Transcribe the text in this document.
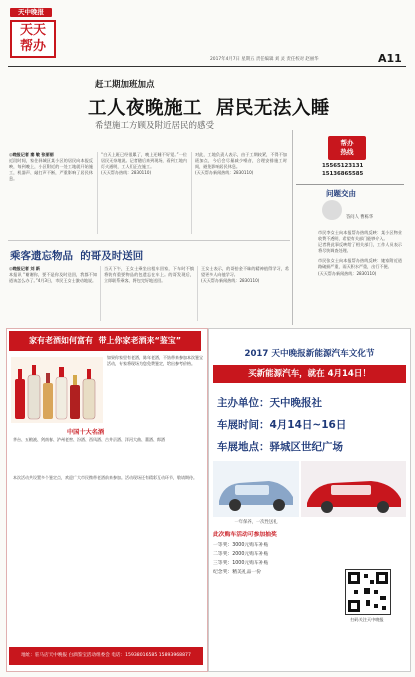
天中晚报
天天
帮办
2017年4月7日 星期五 责任编辑 刘 灵 责任校对 赵丽华	A11
赶工期加班加点
工人夜晚施工  居民无法入睡
希望施工方顾及附近居民的感受
◎晚报记者 秦 敏 张丽丽
近段时间，家住驿城区某小区的居民向本报反映，每到晚上，小区附近的一处工地就开始施工，机器声、敲打声不断，严重影响了居民休息。
“白天上班已经很累了，晚上还睡不好觉。”一位居民无奈地说。记者随后来到现场，看到工地内灯火通明，工人们正在施工。
(天天帮办热线：2830110)
对此，工地负责人表示，由于工期较紧，不得不加班加点，今后会尽量减少噪音，合理安排施工时间，避免影响居民休息。
(天天帮办新闻热线：2830110)
帮办
热线
15565123131
15136865585
问题交由
答问人 曹栋华
市民李女士向本报帮办热线反映：某小区物业收费不透明，希望有关部门能够介入。
记者将此事反映给了相关部门，工作人员表示将尽快调查处理。
市民张女士向本报帮办热线反映：她家附近道路破损严重，雨天积水严重，出行不便。
(天天帮办新闻热线：2830110)
乘客遗忘物品  的哥及时送回
◎晚报记者 刘 新
本报讯 “谢谢你，要不是你及时送回，我都不知道该怎么办了。”4月3日，市民王女士激动地说。
当天下午，王女士乘坐出租车回家，下车时不慎将装有重要物品的包遗忘在车上。的哥发现后，立即联系乘客，将包完好地送回。
王女士表示，的哥拾金不昧的精神值得学习，希望更多人向他学习。
(天天帮办新闻热线：2830110)
家有老酒如何富有  带上你家老酒来“鉴宝”
如果你家里有老酒，陈年老酒，不妨带来参加本次鉴宝活动，专家将现场为您免费鉴定，给出参考价格。
中国十大名酒
茅台、五粮液、剑南春、泸州老窖、汾酒、西凤酒、古井贡酒、洋河大曲、董酒、郎酒
本次活动共设置多个鉴定点，欢迎广大市民携带老酒前来参加。活动现场还有精彩互动环节，敬请期待。
地址：驻马店天中晚报 白酒鉴宝活动组委会 电话：15938016585 15893968877
2017 天中晚报新能源汽车文化节
买新能源汽车，就在 4月14日！
主办单位：天中晚报社
车展时间：4月14日~16日
车展地点：驿城区世纪广场
一年保养，一次性送礼
此次购车活动可参加抽奖
一等奖：3000元购车补贴
二等奖：2000元购车补贴
三等奖：1000元购车补贴
纪念奖：精美礼品一份
扫码关注天中晚报
